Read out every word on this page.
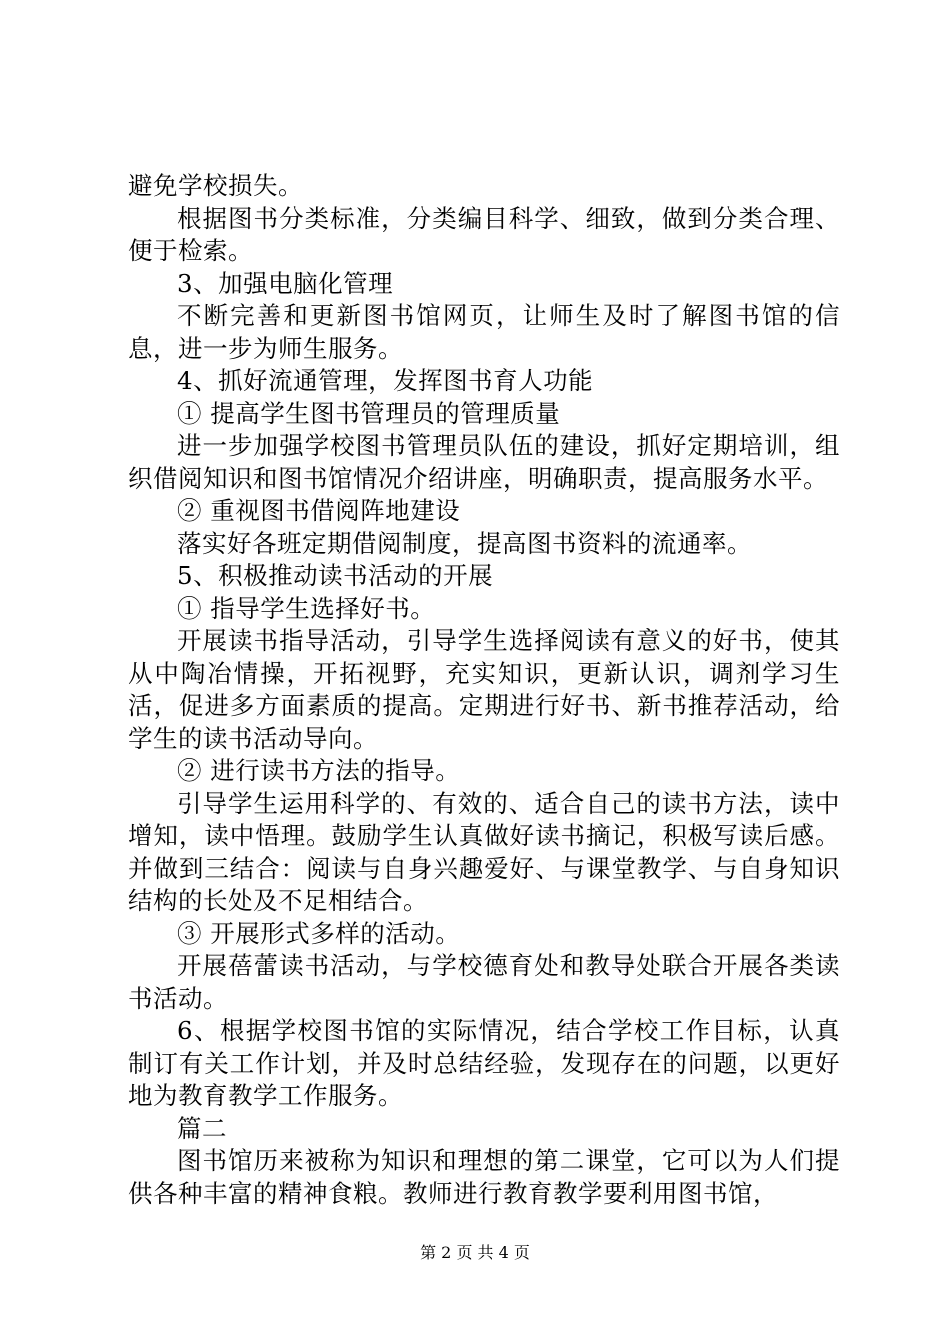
避免学校损失。

根据图书分类标准，分类编目科学、细致，做到分类合理、便于检索。

3、加强电脑化管理

不断完善和更新图书馆网页，让师生及时了解图书馆的信息，进一步为师生服务。

4、抓好流通管理，发挥图书育人功能

① 提高学生图书管理员的管理质量

进一步加强学校图书管理员队伍的建设，抓好定期培训，组织借阅知识和图书馆情况介绍讲座，明确职责，提高服务水平。

② 重视图书借阅阵地建设

落实好各班定期借阅制度，提高图书资料的流通率。

5、积极推动读书活动的开展

① 指导学生选择好书。

开展读书指导活动，引导学生选择阅读有意义的好书，使其从中陶冶情操，开拓视野，充实知识，更新认识，调剂学习生活，促进多方面素质的提高。定期进行好书、新书推荐活动，给学生的读书活动导向。

② 进行读书方法的指导。

引导学生运用科学的、有效的、适合自己的读书方法，读中增知，读中悟理。鼓励学生认真做好读书摘记，积极写读后感。并做到三结合：阅读与自身兴趣爱好、与课堂教学、与自身知识结构的长处及不足相结合。

③ 开展形式多样的活动。

开展蓓蕾读书活动，与学校德育处和教导处联合开展各类读书活动。

6、根据学校图书馆的实际情况，结合学校工作目标，认真制订有关工作计划，并及时总结经验，发现存在的问题，以更好地为教育教学工作服务。

篇二

图书馆历来被称为知识和理想的第二课堂，它可以为人们提供各种丰富的精神食粮。教师进行教育教学要利用图书馆，

第 2 页 共 4 页
